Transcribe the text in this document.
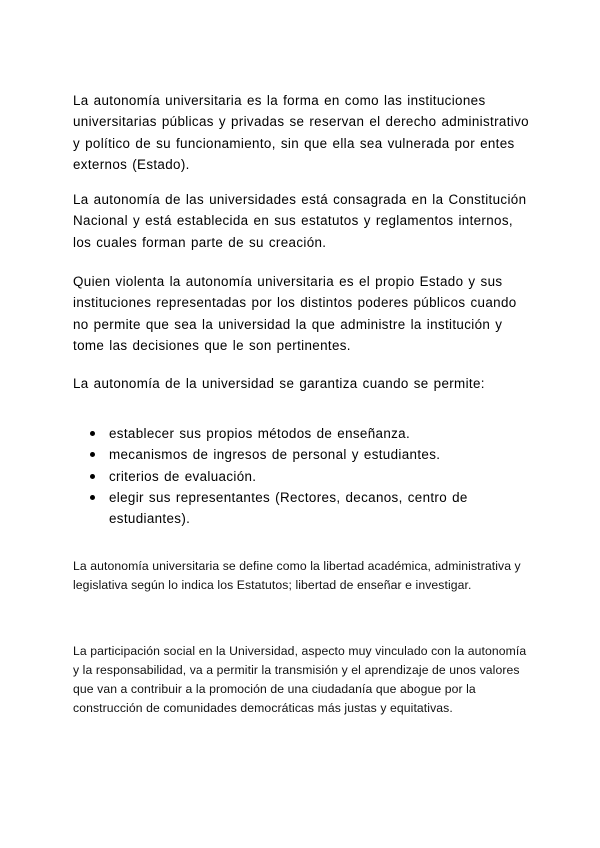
La autonomía universitaria es la forma en como las instituciones universitarias públicas y privadas se reservan el derecho administrativo y político de su funcionamiento, sin que ella sea vulnerada por entes externos (Estado).

La autonomía de las universidades está consagrada en la Constitución Nacional y está establecida en sus estatutos y reglamentos internos, los cuales forman parte de su creación.

Quien violenta la autonomía universitaria es el propio Estado y sus instituciones representadas por los distintos poderes públicos cuando no permite que sea la universidad la que administre la institución y tome las decisiones que le son pertinentes.

La autonomía de la universidad se garantiza cuando se permite:

establecer sus propios métodos de enseñanza.
mecanismos de ingresos de personal y estudiantes.
criterios de evaluación.
elegir sus representantes (Rectores, decanos, centro de estudiantes).

La autonomía universitaria se define como la libertad académica, administrativa y legislativa según lo indica los Estatutos; libertad de enseñar e investigar.

La participación social en la Universidad, aspecto muy vinculado con la autonomía y la responsabilidad, va a permitir la transmisión y el aprendizaje de unos valores que van a contribuir a la promoción de una ciudadanía que abogue por la construcción de comunidades democráticas más justas y equitativas.
